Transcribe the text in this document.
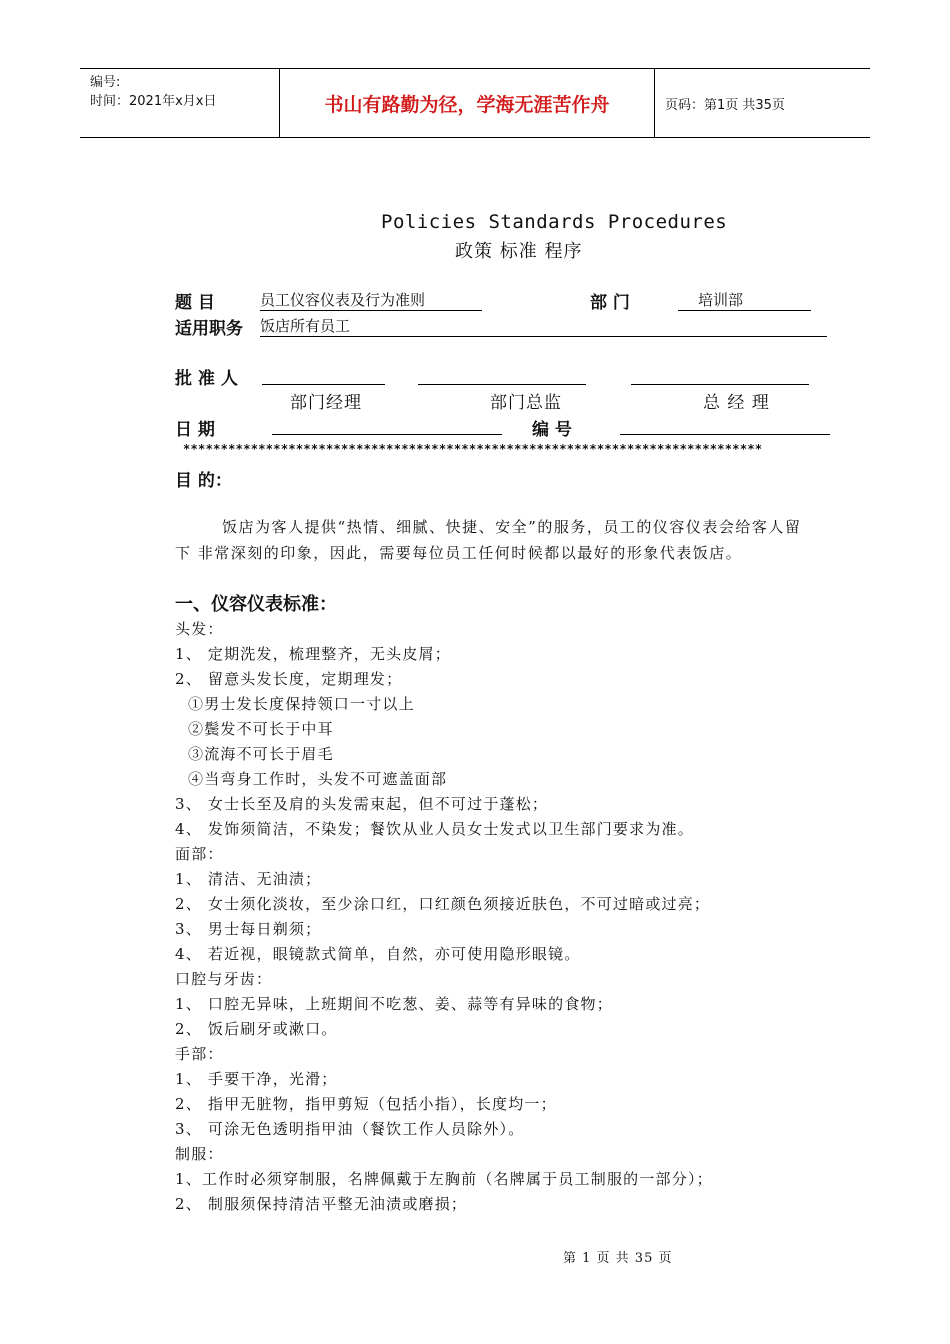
编号:
时间：2021年x月x日	书山有路勤为径，学海无涯苦作舟	页码：第1页 共35页
Policies Standards Procedures
政策 标准 程序
题 目	员工仪容仪表及行为准则	部 门	培训部
适用职务 饭店所有员工
批 准 人
部门经理	部门总监	总 经 理
日 期	编 号
*****************************************************************************
目 的：
饭店为客人提供“热情、细腻、快捷、安全”的服务，员工的仪容仪表会给客人留
下 非常深刻的印象，因此，需要每位员工任何时候都以最好的形象代表饭店。
一、仪容仪表标准：
头发：
1、 定期洗发，梳理整齐，无头皮屑；
2、 留意头发长度，定期理发；
①男士发长度保持领口一寸以上
②鬓发不可长于中耳
③流海不可长于眉毛
④当弯身工作时，头发不可遮盖面部
3、 女士长至及肩的头发需束起，但不可过于蓬松；
4、 发饰须简洁，不染发；餐饮从业人员女士发式以卫生部门要求为准。
面部：
1、 清洁、无油渍；
2、 女士须化淡妆，至少涂口红，口红颜色须接近肤色，不可过暗或过亮；
3、 男士每日剃须；
4、 若近视，眼镜款式简单，自然，亦可使用隐形眼镜。
口腔与牙齿：
1、 口腔无异味，上班期间不吃葱、姜、蒜等有异味的食物；
2、 饭后刷牙或漱口。
手部：
1、 手要干净，光滑；
2、 指甲无脏物，指甲剪短（包括小指），长度均一；
3、 可涂无色透明指甲油（餐饮工作人员除外）。
制服：
1、工作时必须穿制服，名牌佩戴于左胸前（名牌属于员工制服的一部分）；
2、 制服须保持清洁平整无油渍或磨损；
第 1 页 共 35 页
